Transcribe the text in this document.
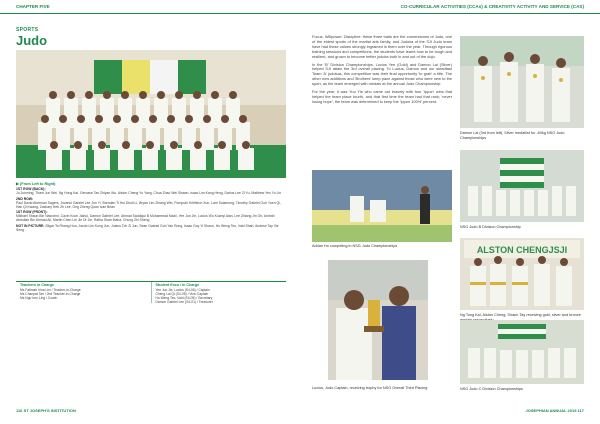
CHAPTER FIVE	CO-CURRICULAR ACTIVITIES (CCAs) & CREATIVITY ACTIVITY AND SERVICE (CAS)
SPORTS
Judo

▶ (From Left to Right)

1ST ROW (BACK):
Jo Junming, Tham Jun Wei, Ng Hong Kai, Gervase Tan Zhiyan Wu, Alston Cheng Yu Yang, Chua Zhao Wei Shawn, Isaac Lim Kang Heng, Darius Lee Zi Yu, Matthew Yeo Yu Lin

2ND ROW:
Paul David Akerman Sagers, Jovanni Gabriel Lee Jun Yi, Brendan Ti Hui Dindi Li, Bryan Lim Zhiang Wei, Pornputri Kritihirun Xun, Lam Solamong, Timothy Gabriel Goh Yuen Qi, Han Qi Kwang, Zachary Heh Zh Lee, Ong Zheng Quan Ivan Brian

1ST ROW (FRONT):
Mikhael Shaun Bin Nasrohni, Cavin Koon Jiahui, Damon Gabriel Lee, Ahmad Saddiqul B Mohammad Mazli, Yee Jun Jie, Lucius Wu Kuanyi Alan, Lee Zhiang Jin Oh, Amirah Abdullah Bin Ahmad Ali, Martin Chen Lei Jie Dr Jie, Rafha Shah Maha, Chung Zhi Sheng

NOT IN PICTURE: Sligar Ta Rhang Hun, Jacob Lim Kong Jun, Justus Toh Zi Jun, Sean Gabriel Goh Yan Rong, Isaac Goy Yi Shaun, Ho Weng Teo, Vald Shah, Andrew Tay Xie Seng

Teachers in Charge
Ms Fatimah Irina Lim / Teacher-in-Charge
Ms Chanpat Tan / 2nd Teacher-in-Charge
Ms Ngu Iren Ling / Coach
Student Exco / In Charge
Yee Jun Jie, Lucius (S4-06) / Captain
Cheng Lai Qi (S4-05) / Vice-Captain
Ho Weng Teo, Vald (S4-05) / Secretary
Damon Gabriel Lee (S4-01) / Treasurer

Focus. Willpower. Discipline: these three traits are the cornerstones of Judo, one of the eldest sports of the martial arts family, and Judoka of the SJI Judo team have had these values strongly ingrained in them over the year. Through rigorous training sessions and competitions, the students have learnt how to be tough and resilient, and grown to become better judoka both in and out of the dojo.

In the 'B' Division Championships, Lucius Yee (Gold) and Damon Lai (Silver) helped SJI attain the 3rd overall placing. To Lucius, Damon and our steadfast Team 'A' judokas, this competition was their final opportunity 'to grab' a title. The other new additions and 'Brothers' keep pace against those who were new to the sport, as the team emerged with medals at the annual Judo Championship.

For the year, it was Yuu Yie who came out bravely with four 'Ippon' wins that helped the team place fourth, and that first time the team had that rank; 'never losing hope', the team was determined to keep the 'ippon 100%' percent.

Damon Lai (3rd from left), Silver medallist for -60kg NSG Judo Championships
Adrian Ho competing in NSG Judo Championships
NSG Judo B Division Championship
ALSTON CHENGJSJI
Ng Tong Kai, Alston Cheng, Shaun Tay receiving gold, silver and bronze
Lucius, Judo Captain, receiving trophy for NSG Overall Third Placing	NSG Judo C Division Championships
116 ST JOSEPH'S INSTITUTION	JOSEPHIAN ANNUAL 2019 117
